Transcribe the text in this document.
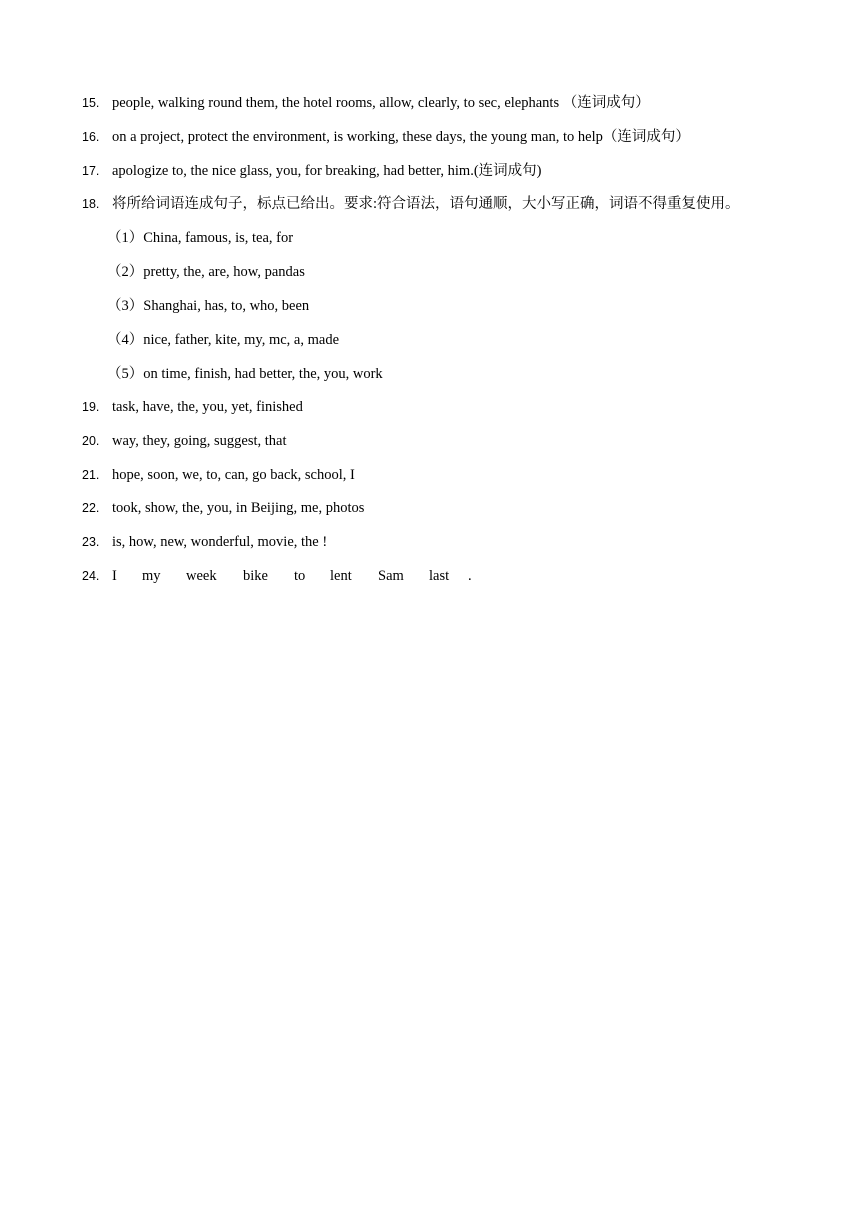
15. people, walking round them, the hotel rooms, allow, clearly, to sec, elephants （连词成句）
16. on a project, protect the environment, is working, these days, the young man, to help（连词成句）
17. apologize to, the nice glass, you, for breaking, had better, him.(连词成句)
18. 将所给词语连成句子，标点已给出。要求:符合语法，语句通顺，大小写正确，词语不得重复使用。
（1）China, famous, is, tea, for
（2）pretty, the, are, how, pandas
（3）Shanghai, has, to, who, been
（4）nice, father, kite, my, mc, a, made
（5）on time, finish, had better, the, you, work
19. task, have, the, you, yet, finished
20. way, they, going, suggest, that
21. hope, soon, we, to, can, go back, school, I
22. took, show, the, you, in Beijing, me, photos
23. is, how, new, wonderful, movie, the !
24. I my week bike to lent Sam last .
